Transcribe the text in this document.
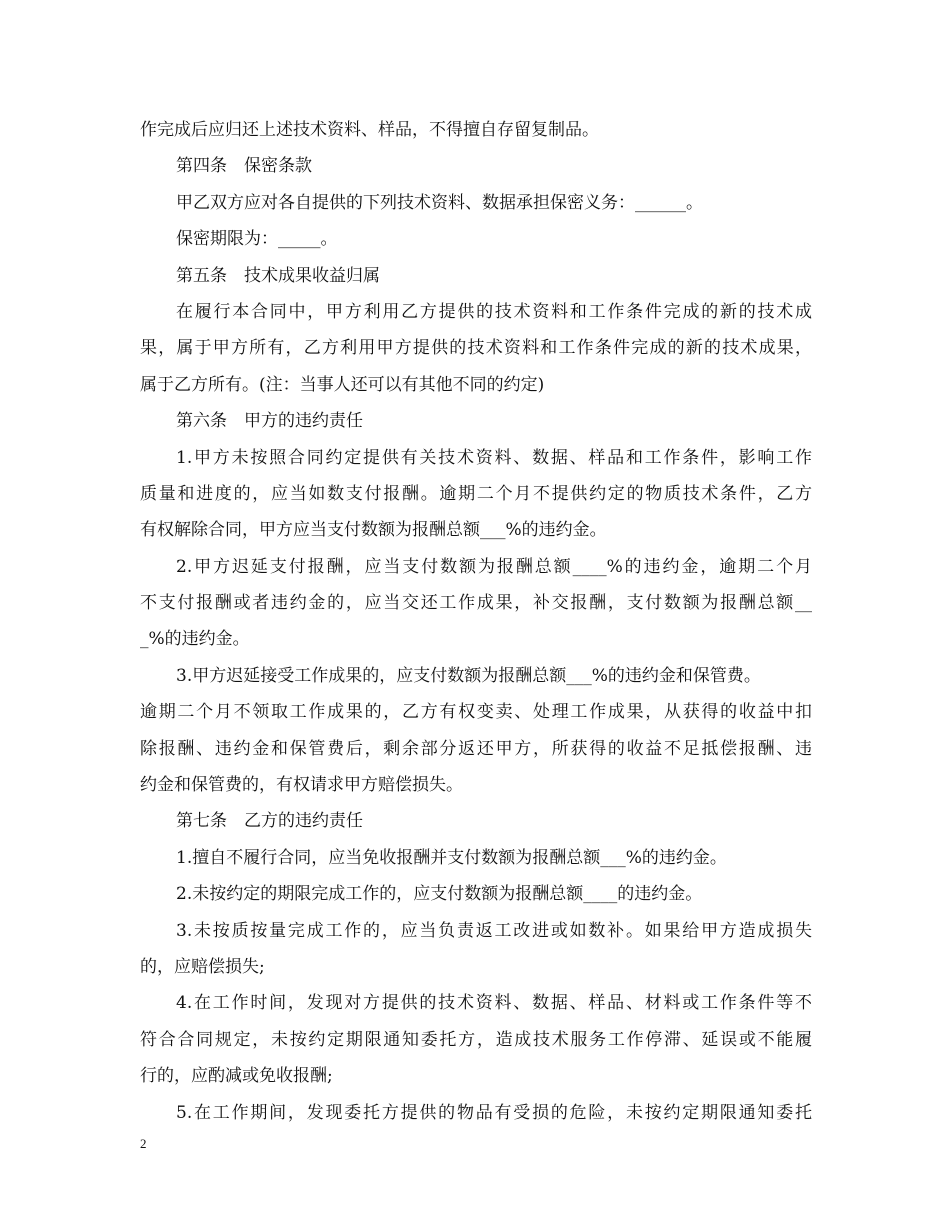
作完成后应归还上述技术资料、样品，不得擅自存留复制品。

第四条　保密条款

甲乙双方应对各自提供的下列技术资料、数据承担保密义务：______。

保密期限为：_____。

第五条　技术成果收益归属

在履行本合同中，甲方利用乙方提供的技术资料和工作条件完成的新的技术成

果，属于甲方所有，乙方利用甲方提供的技术资料和工作条件完成的新的技术成果，

属于乙方所有。(注：当事人还可以有其他不同的约定)

第六条　甲方的违约责任

1.甲方未按照合同约定提供有关技术资料、数据、样品和工作条件，影响工作

质量和进度的，应当如数支付报酬。逾期二个月不提供约定的物质技术条件，乙方

有权解除合同，甲方应当支付数额为报酬总额___%的违约金。

2.甲方迟延支付报酬，应当支付数额为报酬总额____%的违约金，逾期二个月

不支付报酬或者违约金的，应当交还工作成果，补交报酬，支付数额为报酬总额__

_%的违约金。

3.甲方迟延接受工作成果的，应支付数额为报酬总额___%的违约金和保管费。

逾期二个月不领取工作成果的，乙方有权变卖、处理工作成果，从获得的收益中扣

除报酬、违约金和保管费后，剩余部分返还甲方，所获得的收益不足抵偿报酬、违

约金和保管费的，有权请求甲方赔偿损失。

第七条　乙方的违约责任

1.擅自不履行合同，应当免收报酬并支付数额为报酬总额___%的违约金。

2.未按约定的期限完成工作的，应支付数额为报酬总额____的违约金。

3.未按质按量完成工作的，应当负责返工改进或如数补。如果给甲方造成损失

的，应赔偿损失;

4.在工作时间，发现对方提供的技术资料、数据、样品、材料或工作条件等不

符合合同规定，未按约定期限通知委托方，造成技术服务工作停滞、延误或不能履

行的，应酌减或免收报酬;

5.在工作期间，发现委托方提供的物品有受损的危险，未按约定期限通知委托

2
